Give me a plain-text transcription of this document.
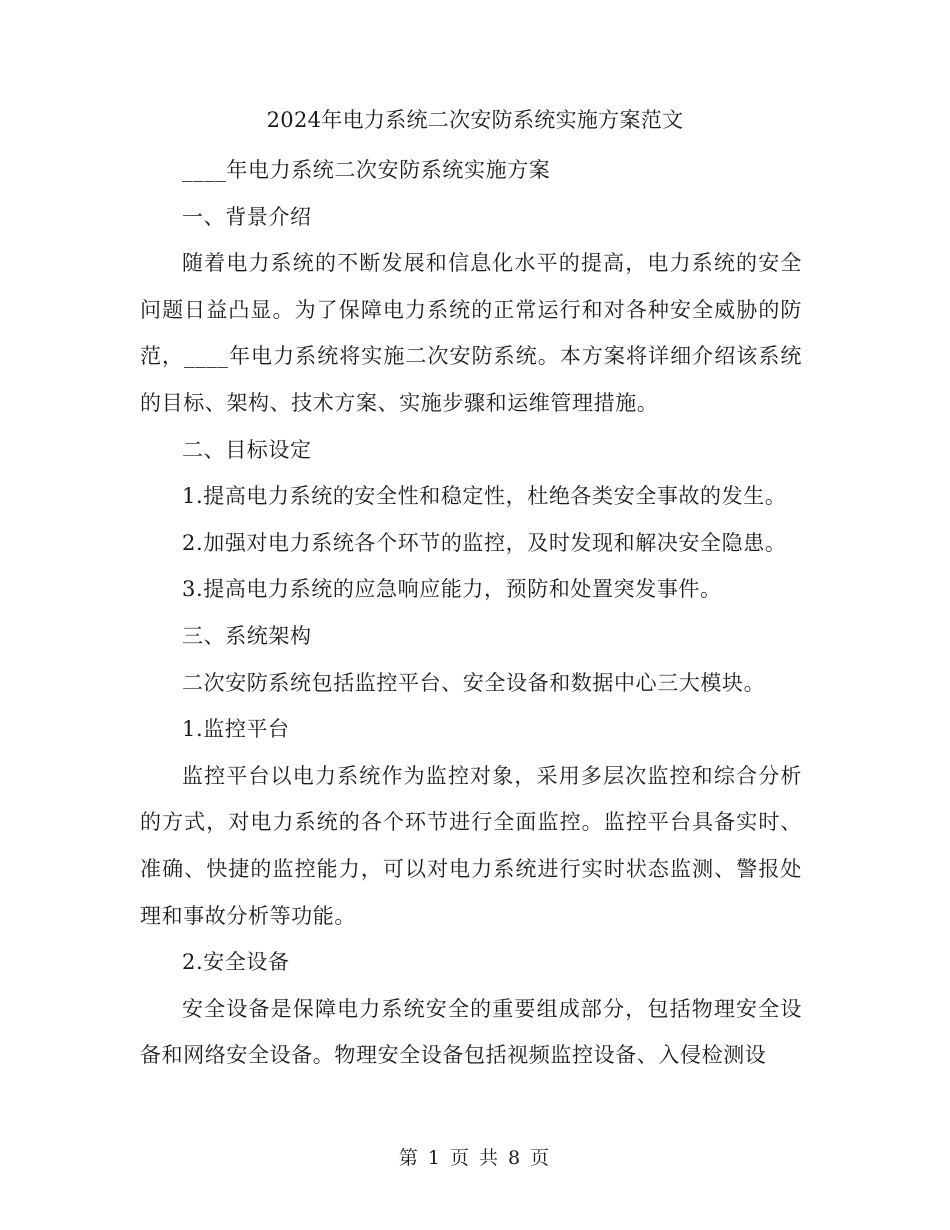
2024年电力系统二次安防系统实施方案范文

____年电力系统二次安防系统实施方案

一、背景介绍

随着电力系统的不断发展和信息化水平的提高，电力系统的安全问题日益凸显。为了保障电力系统的正常运行和对各种安全威胁的防范，____年电力系统将实施二次安防系统。本方案将详细介绍该系统的目标、架构、技术方案、实施步骤和运维管理措施。

二、目标设定

1.提高电力系统的安全性和稳定性，杜绝各类安全事故的发生。

2.加强对电力系统各个环节的监控，及时发现和解决安全隐患。

3.提高电力系统的应急响应能力，预防和处置突发事件。

三、系统架构

二次安防系统包括监控平台、安全设备和数据中心三大模块。

1.监控平台

监控平台以电力系统作为监控对象，采用多层次监控和综合分析的方式，对电力系统的各个环节进行全面监控。监控平台具备实时、准确、快捷的监控能力，可以对电力系统进行实时状态监测、警报处理和事故分析等功能。

2.安全设备

安全设备是保障电力系统安全的重要组成部分，包括物理安全设备和网络安全设备。物理安全设备包括视频监控设备、入侵检测设

第 1 页 共 8 页
